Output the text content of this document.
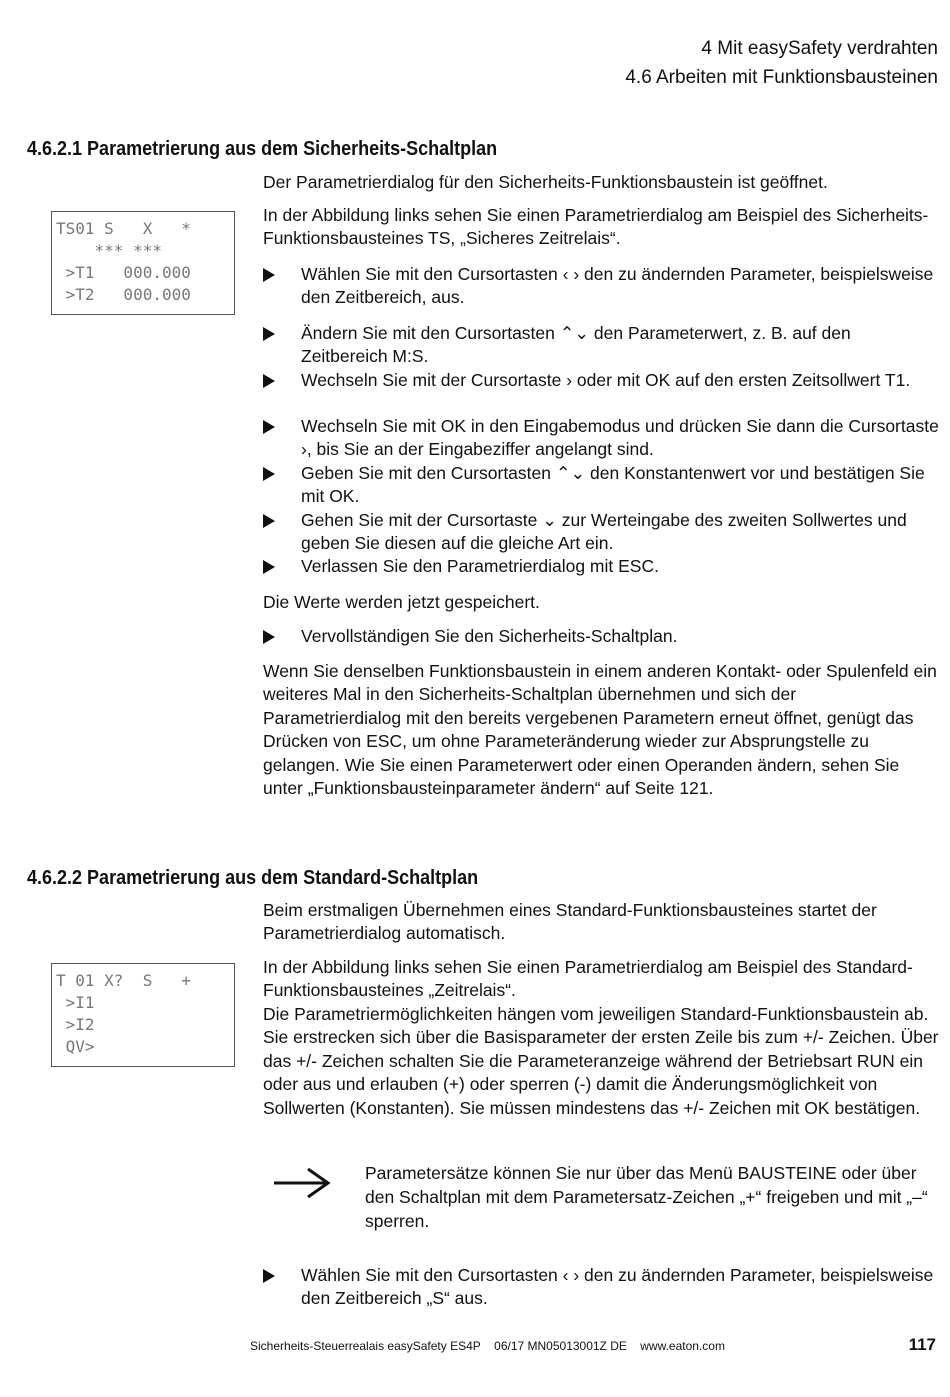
4 Mit easySafety verdrahten
4.6 Arbeiten mit Funktionsbausteinen
4.6.2.1 Parametrierung aus dem Sicherheits-Schaltplan
Der Parametrierdialog für den Sicherheits-Funktionsbaustein ist geöffnet.
In der Abbildung links sehen Sie einen Parametrierdialog am Beispiel des Sicherheits-Funktionsbausteines TS, „Sicheres Zeitrelais“.
TS01 S   X   *
*** ***
>T1   000.000
>T2   000.000
Wählen Sie mit den Cursortasten ‹ › den zu ändernden Parameter, beispielsweise den Zeitbereich, aus.
Ändern Sie mit den Cursortasten ⌃⌄ den Parameterwert, z. B. auf den Zeitbereich M:S.
Wechseln Sie mit der Cursortaste › oder mit OK auf den ersten Zeitsollwert T1.
Wechseln Sie mit OK in den Eingabemodus und drücken Sie dann die Cursortaste ›, bis Sie an der Eingabeziffer angelangt sind.
Geben Sie mit den Cursortasten ⌃⌄ den Konstantenwert vor und bestätigen Sie mit OK.
Gehen Sie mit der Cursortaste ⌄ zur Werteingabe des zweiten Sollwertes und geben Sie diesen auf die gleiche Art ein.
Verlassen Sie den Parametrierdialog mit ESC.
Die Werte werden jetzt gespeichert.
Vervollständigen Sie den Sicherheits-Schaltplan.
Wenn Sie denselben Funktionsbaustein in einem anderen Kontakt- oder Spulenfeld ein weiteres Mal in den Sicherheits-Schaltplan übernehmen und sich der Parametrierdialog mit den bereits vergebenen Parametern erneut öffnet, genügt das Drücken von ESC, um ohne Parameteränderung wieder zur Absprungstelle zu gelangen. Wie Sie einen Parameterwert oder einen Operanden ändern, sehen Sie unter „Funktionsbausteinparameter ändern“ auf Seite 121.
4.6.2.2 Parametrierung aus dem Standard-Schaltplan
Beim erstmaligen Übernehmen eines Standard-Funktionsbausteines startet der Parametrierdialog automatisch.
T 01 X?  S   +
>I1
>I2
QV>
In der Abbildung links sehen Sie einen Parametrierdialog am Beispiel des Standard-Funktionsbausteines „Zeitrelais“.
Die Parametriermöglichkeiten hängen vom jeweiligen Standard-Funktionsbaustein ab. Sie erstrecken sich über die Basisparameter der ersten Zeile bis zum +/- Zeichen. Über das +/- Zeichen schalten Sie die Parameteranzeige während der Betriebsart RUN ein oder aus und erlauben (+) oder sperren (-) damit die Änderungsmöglichkeit von Sollwerten (Konstanten). Sie müssen mindestens das +/- Zeichen mit OK bestätigen.
Parametersätze können Sie nur über das Menü BAUSTEINE oder über den Schaltplan mit dem Parametersatz-Zeichen „+“ freigeben und mit „–“ sperren.
Wählen Sie mit den Cursortasten ‹ › den zu ändernden Parameter, beispielsweise den Zeitbereich „S“ aus.
Sicherheits-Steuerrealais easySafety ES4P 06/17 MN05013001Z DE www.eaton.com	117
